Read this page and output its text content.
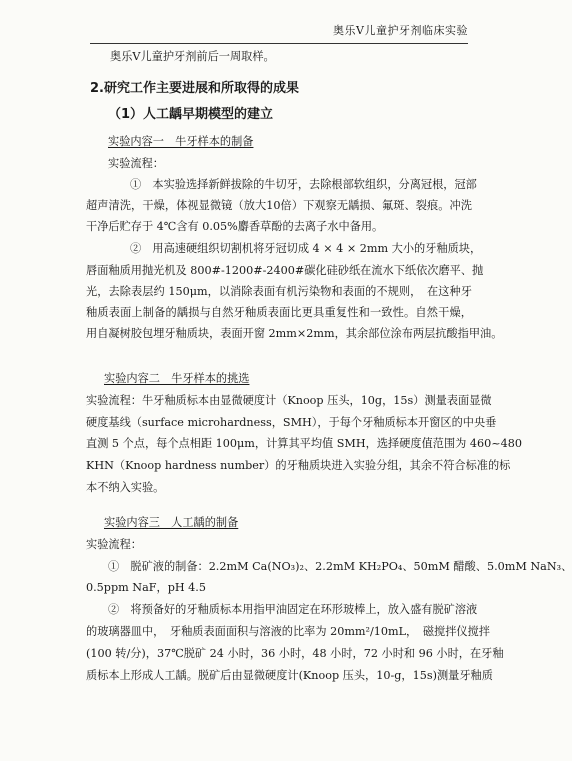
奥乐Ⅴ儿童护牙剂临床实验
奥乐Ⅴ儿童护牙剂前后一周取样。
2.研究工作主要进展和所取得的成果
（1）人工龋早期模型的建立
实验内容一　牛牙样本的制备
实验流程：
①　本实验选择新鲜拔除的牛切牙，去除根部软组织，分离冠根，冠部
超声清洗，干燥，体视显微镜（放大10倍）下观察无龋损、氟斑、裂痕。冲洗
干净后贮存于 4℃含有 0.05%麝香草酚的去离子水中备用。
②　用高速硬组织切割机将牙冠切成 4 × 4 × 2mm 大小的牙釉质块，
唇面釉质用抛光机及 800#-1200#-2400#碳化硅砂纸在流水下纸依次磨平、抛
光，去除表层约 150μm，以消除表面有机污染物和表面的不规则，　在这种牙
釉质表面上制备的龋损与自然牙釉质表面比更具重复性和一致性。自然干燥，
用自凝树胶包埋牙釉质块，表面开窗 2mm×2mm，其余部位涂布两层抗酸指甲油。
实验内容二　牛牙样本的挑选
实验流程：牛牙釉质标本由显微硬度计（Knoop 压头，10g，15s）测量表面显微
硬度基线（surface microhardness，SMH），于每个牙釉质标本开窗区的中央垂
直测 5 个点，每个点相距 100μm，计算其平均值 SMH，选择硬度值范围为 460~480
KHN（Knoop hardness number）的牙釉质块进入实验分组，其余不符合标准的标
本不纳入实验。
实验内容三　人工龋的制备
实验流程：
①　脱矿液的制备：2.2mM Ca(NO₃)₂、2.2mM KH₂PO₄、50mM 醋酸、5.0mM NaN₃、
0.5ppm NaF，pH 4.5
②　将预备好的牙釉质标本用指甲油固定在环形玻棒上，放入盛有脱矿溶液
的玻璃器皿中，　牙釉质表面面积与溶液的比率为 20mm²/10mL，　磁搅拌仪搅拌
(100 转/分)，37℃脱矿 24 小时，36 小时，48 小时，72 小时和 96 小时，在牙釉
质标本上形成人工龋。脱矿后由显微硬度计(Knoop 压头，10-g，15s)测量牙釉质
